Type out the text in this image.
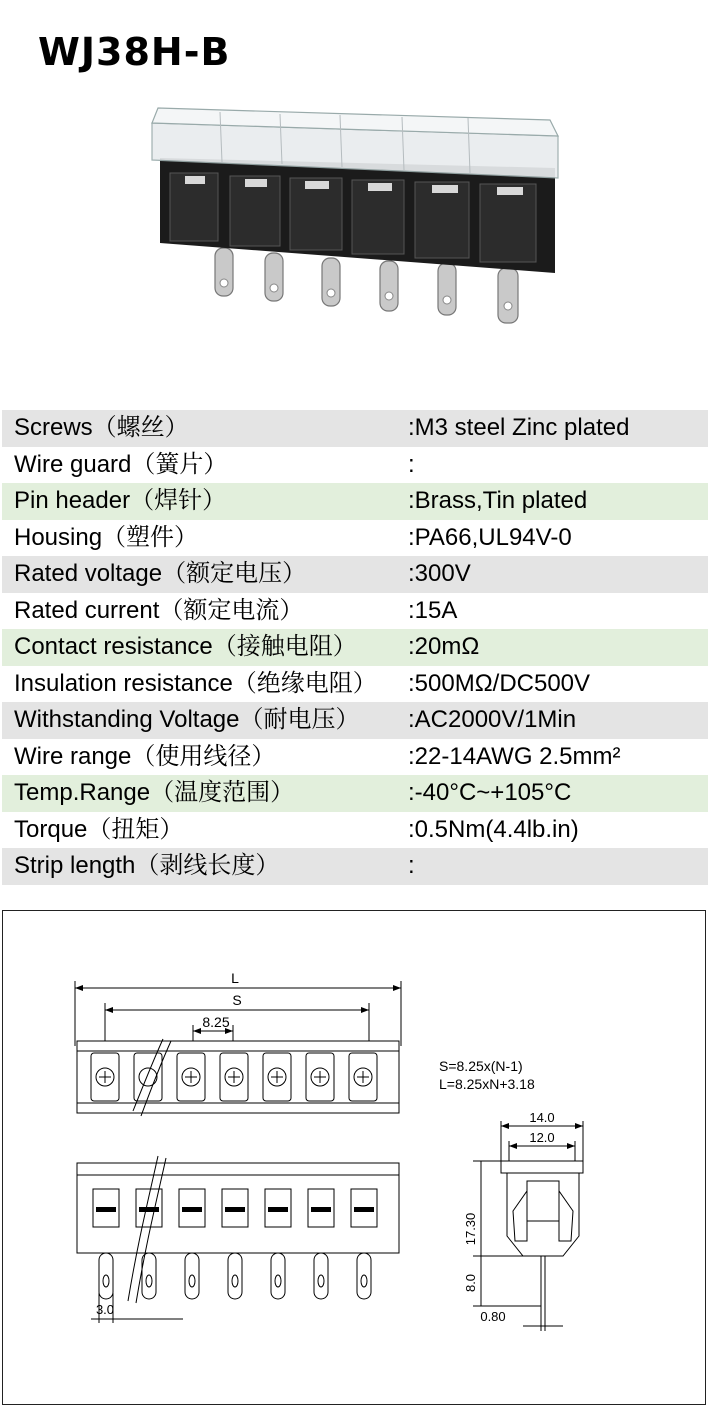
WJ38H-B
Screws（螺丝）	:M3 steel Zinc plated
Wire guard（簧片）	:
Pin header（焊针）	:Brass,Tin plated
Housing（塑件）	:PA66,UL94V-0
Rated voltage（额定电压）	:300V
Rated current（额定电流）	:15A
Contact resistance（接触电阻） :20mΩ
Insulation resistance（绝缘电阻） :500MΩ/DC500V
Withstanding Voltage（耐电压） :AC2000V/1Min
Wire range（使用线径）	:22-14AWG 2.5mm²
Temp.Range（温度范围）	:-40°C~+105°C
Torque（扭矩）	:0.5Nm(4.4lb.in)
Strip length（剥线长度）	:
L
S
8.25
3.0
S=8.25x(N-1)
L=8.25xN+3.18
14.0
12.0
17.30
8.0
0.80
